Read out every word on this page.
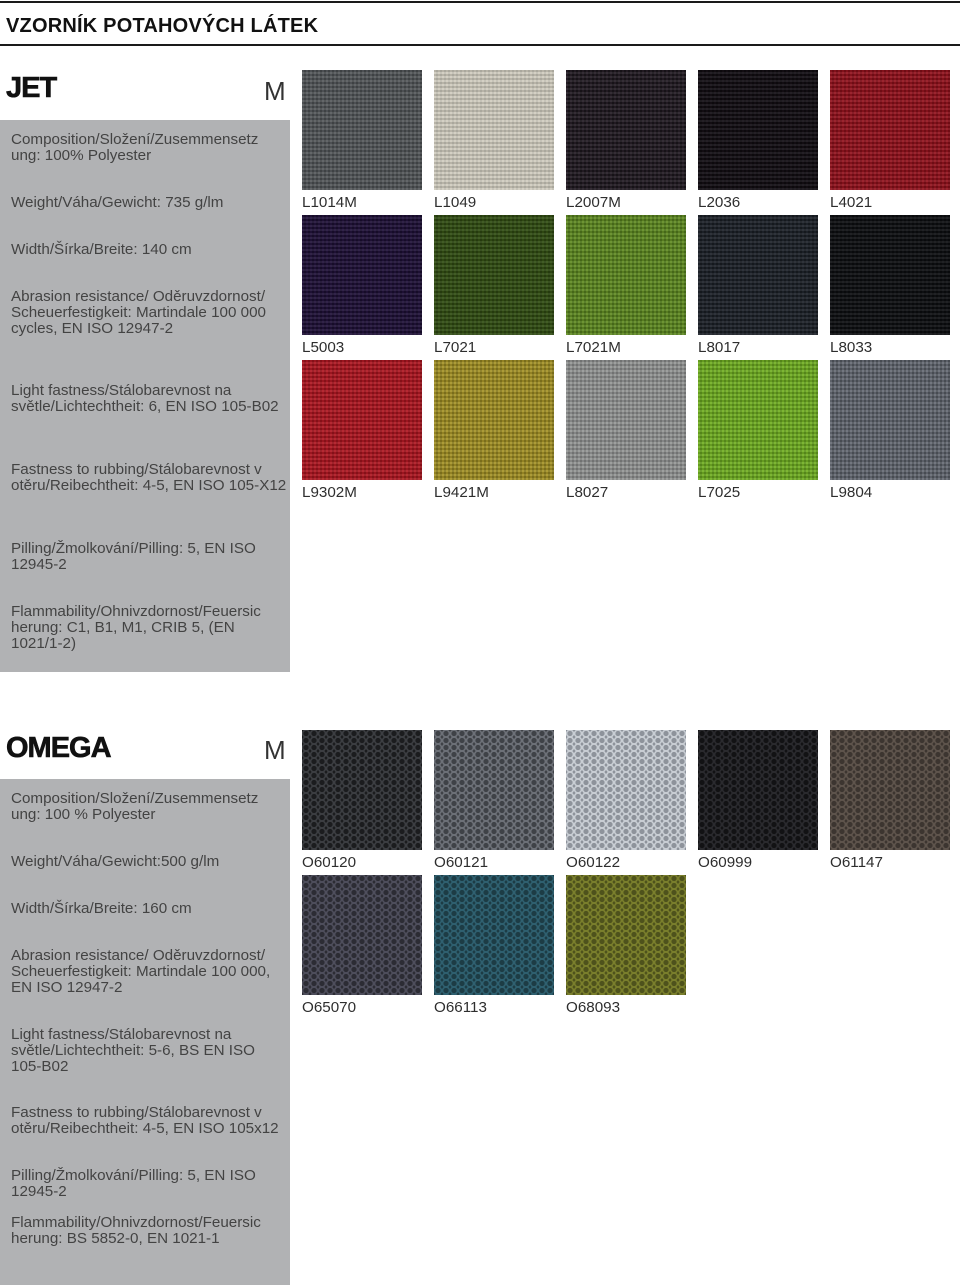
VZORNÍK POTAHOVÝCH LÁTEK
JET	M

Composition/Složení/Zusemmensetz ung: 100% Polyester

Weight/Váha/Gewicht: 735 g/lm

Width/Šírka/Breite: 140 cm

Abrasion resistance/ Oděruvzdornost/ Scheuerfestigkeit: Martindale 100 000 cycles, EN ISO 12947-2

Light fastness/Stálobarevnost na světle/Lichtechtheit: 6, EN ISO 105-B02

Fastness to rubbing/Stálobarevnost v otěru/Reibechtheit: 4-5, EN ISO 105-X12

Pilling/Žmolkování/Pilling: 5, EN ISO 12945-2

Flammability/Ohnivzdornost/Feuersic herung: C1, B1, M1, CRIB 5, (EN 1021/1-2)

L1014M	L1049	L2007M	L2036	L4021
L5003	L7021	L7021M	L8017	L8033
L9302M	L9421M	L8027	L7025	L9804
OMEGA	M

Composition/Složení/Zusemmensetz ung: 100 % Polyester

Weight/Váha/Gewicht:500 g/lm

Width/Šírka/Breite: 160 cm

Abrasion resistance/ Oděruvzdornost/ Scheuerfestigkeit: Martindale 100 000, EN ISO 12947-2

Light fastness/Stálobarevnost na světle/Lichtechtheit: 5-6, BS EN ISO 105-B02

Fastness to rubbing/Stálobarevnost v otěru/Reibechtheit: 4-5, EN ISO 105x12

Pilling/Žmolkování/Pilling: 5, EN ISO 12945-2

Flammability/Ohnivzdornost/Feuersic herung: BS 5852-0, EN 1021-1

O60120	O60121	O60122	O60999	O61147
O65070	O66113	O68093
